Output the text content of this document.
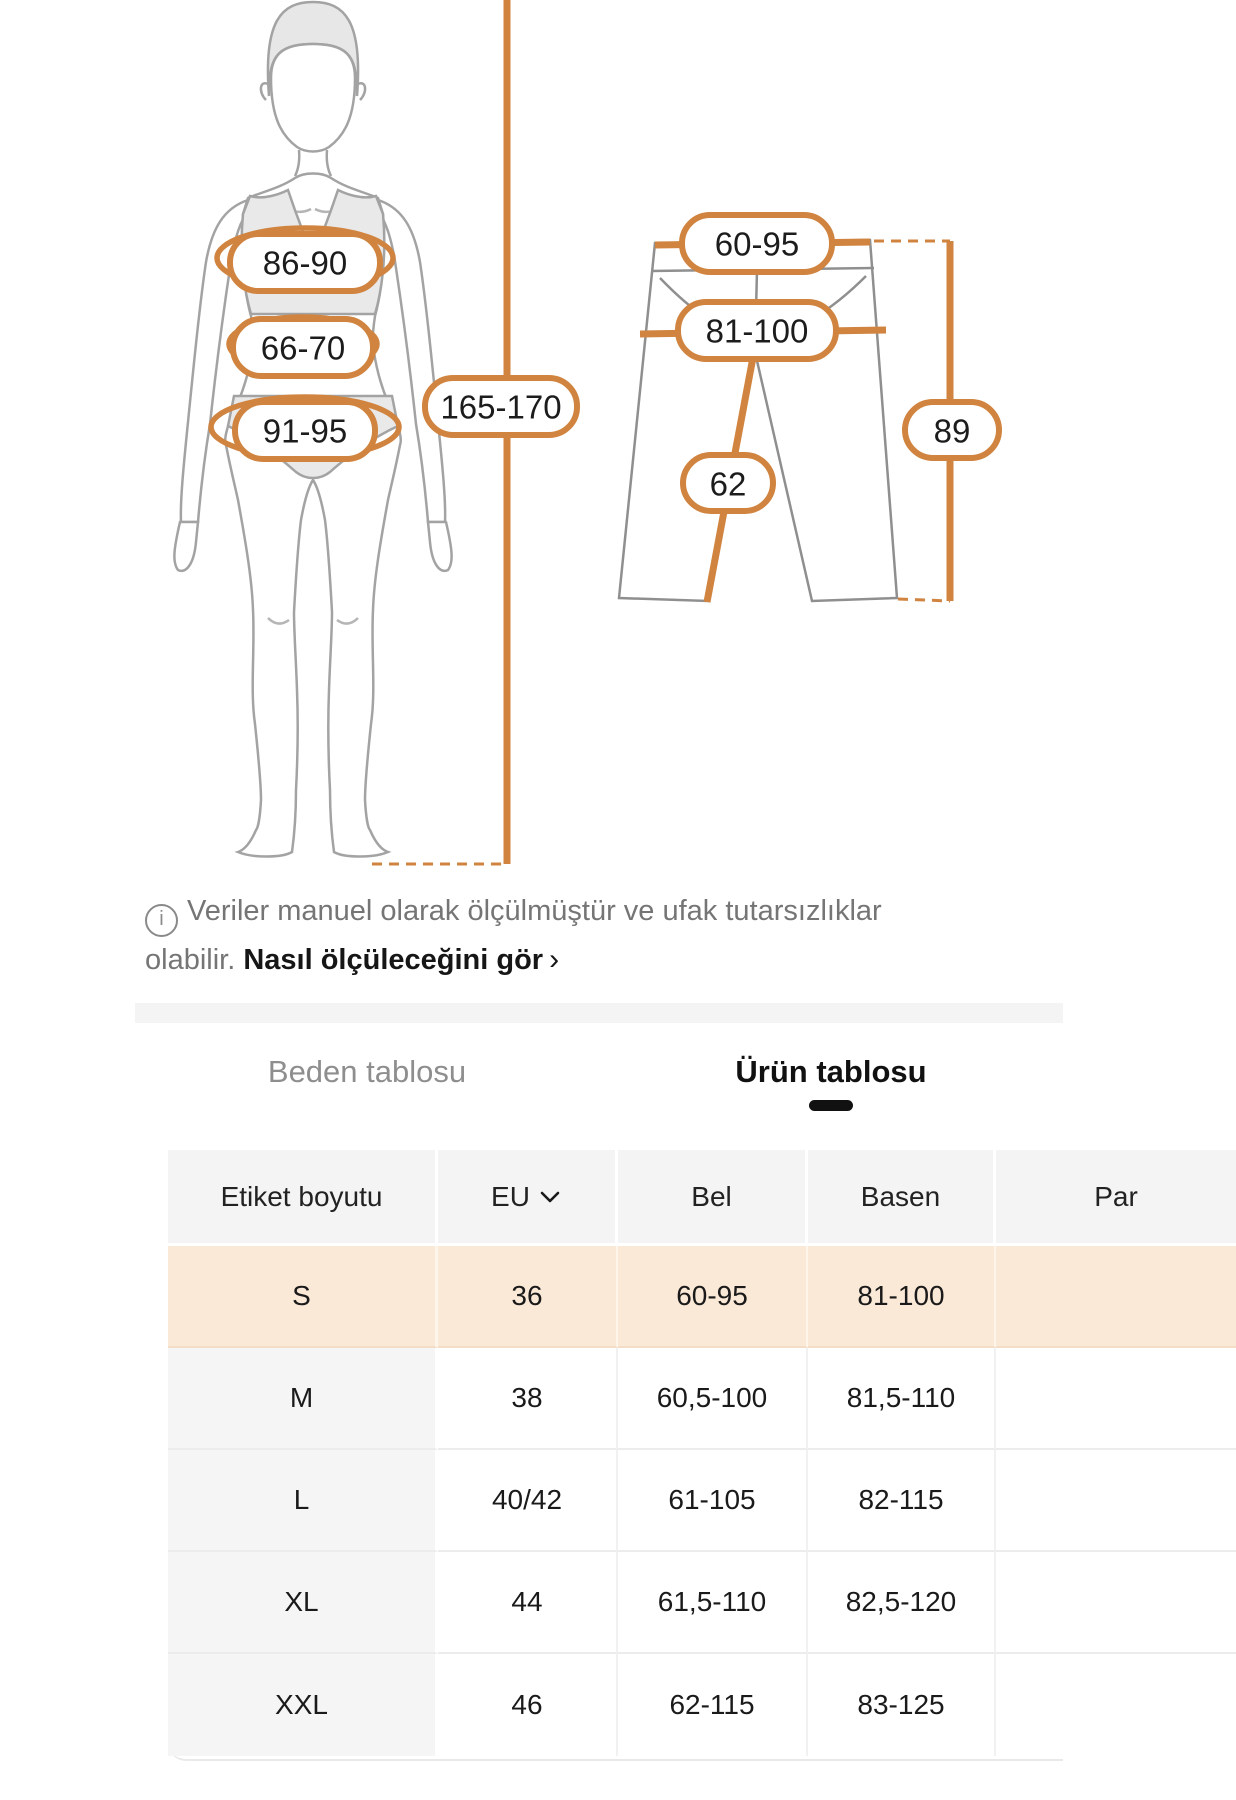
86-90
66-70
91-95
165-170
60-95
81-100
62
89
i Veriler manuel olarak ölçülmüştür ve ufak tutarsızlıklar olabilir. Nasıl ölçüleceğini gör ›
Beden tablosu	Ürün tablosu
Etiket boyutu	EU	Bel	Basen	Par
S	36	60-95	81-100
M	38	60,5-100	81,5-110
L	40/42	61-105	82-115
XL	44	61,5-110	82,5-120
XXL	46	62-115	83-125
